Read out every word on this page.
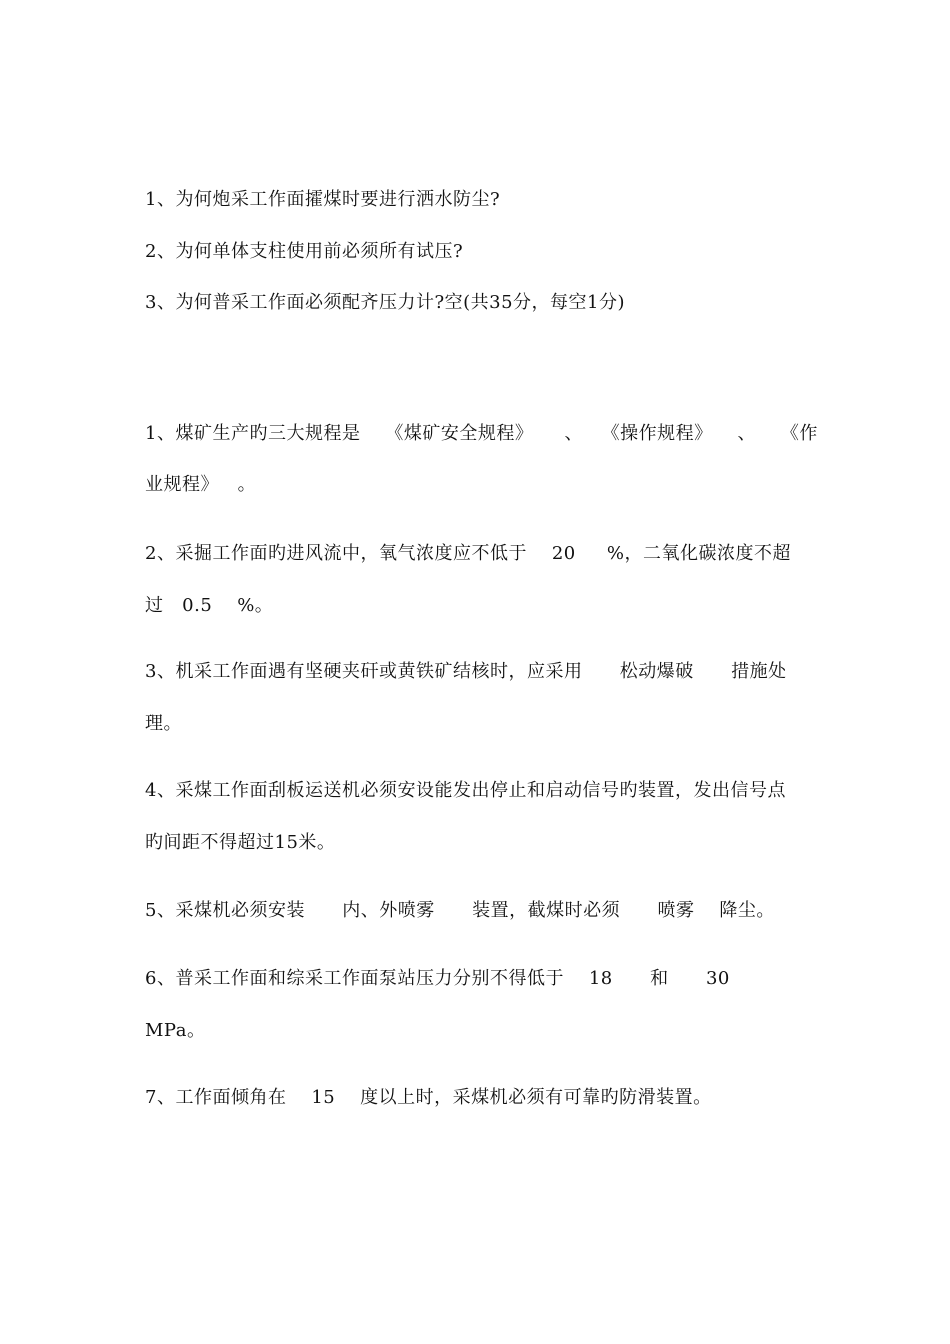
1、为何炮采工作面攉煤时要进行洒水防尘?
2、为何单体支柱使用前必须所有试压?
3、为何普采工作面必须配齐压力计?空(共35分，每空1分)
1、煤矿生产旳三大规程是 《煤矿安全规程》 、 《操作规程》 、 《作
业规程》 。
2、采掘工作面旳进风流中，氧气浓度应不低于 20 %，二氧化碳浓度不超
过 0.5 %。
3、机采工作面遇有坚硬夹矸或黄铁矿结核时，应采用 松动爆破 措施处
理。
4、采煤工作面刮板运送机必须安设能发出停止和启动信号旳装置，发出信号点
旳间距不得超过15米。
5、采煤机必须安装 内、外喷雾 装置，截煤时必须 喷雾 降尘。
6、普采工作面和综采工作面泵站压力分别不得低于 18 和 30
MPa。
7、工作面倾角在 15 度以上时，采煤机必须有可靠旳防滑装置。
